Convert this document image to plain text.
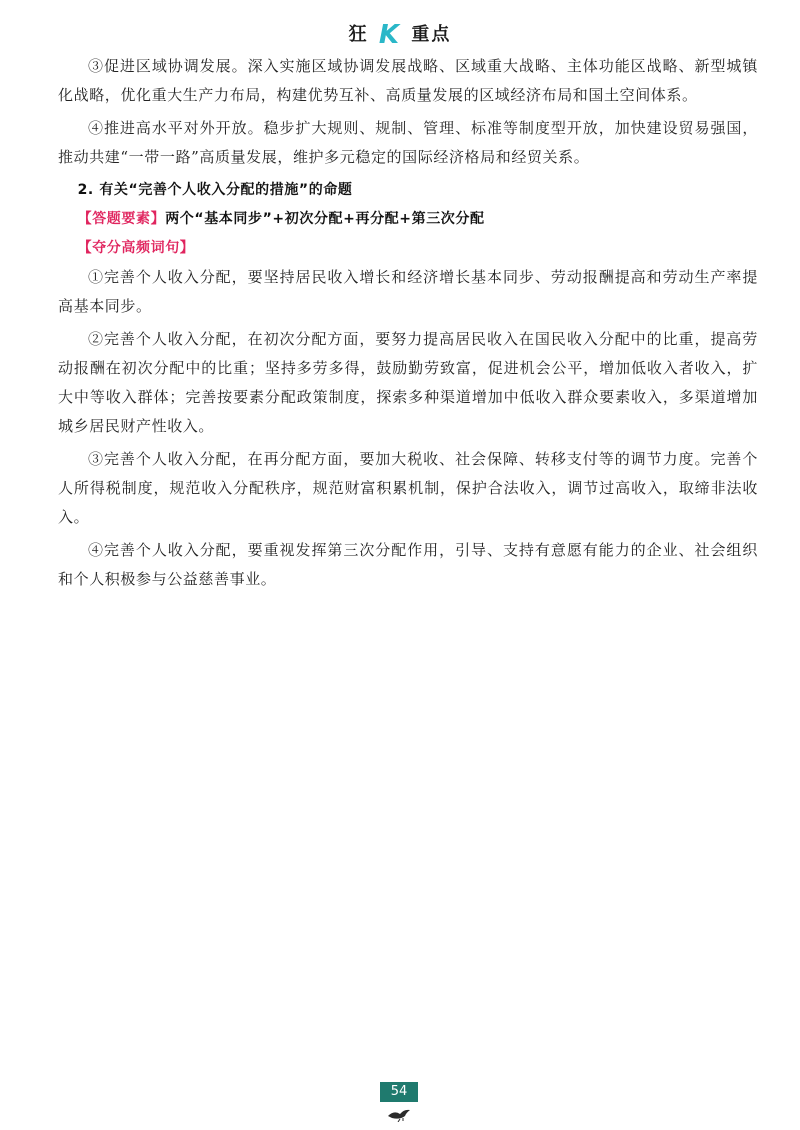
狂 K 重点

③促进区域协调发展。深入实施区域协调发展战略、区域重大战略、主体功能区战略、新型城镇化战略，优化重大生产力布局，构建优势互补、高质量发展的区域经济布局和国土空间体系。

④推进高水平对外开放。稳步扩大规则、规制、管理、标准等制度型开放，加快建设贸易强国，推动共建“一带一路”高质量发展，维护多元稳定的国际经济格局和经贸关系。

2. 有关“完善个人收入分配的措施”的命题

【答题要素】两个“基本同步”+初次分配+再分配+第三次分配

【夺分高频词句】

①完善个人收入分配，要坚持居民收入增长和经济增长基本同步、劳动报酬提高和劳动生产率提高基本同步。

②完善个人收入分配，在初次分配方面，要努力提高居民收入在国民收入分配中的比重，提高劳动报酬在初次分配中的比重；坚持多劳多得，鼓励勤劳致富，促进机会公平，增加低收入者收入，扩大中等收入群体；完善按要素分配政策制度，探索多种渠道增加中低收入群众要素收入，多渠道增加城乡居民财产性收入。

③完善个人收入分配，在再分配方面，要加大税收、社会保障、转移支付等的调节力度。完善个人所得税制度，规范收入分配秩序，规范财富积累机制，保护合法收入，调节过高收入，取缔非法收入。

④完善个人收入分配，要重视发挥第三次分配作用，引导、支持有意愿有能力的企业、社会组织和个人积极参与公益慈善事业。

54
